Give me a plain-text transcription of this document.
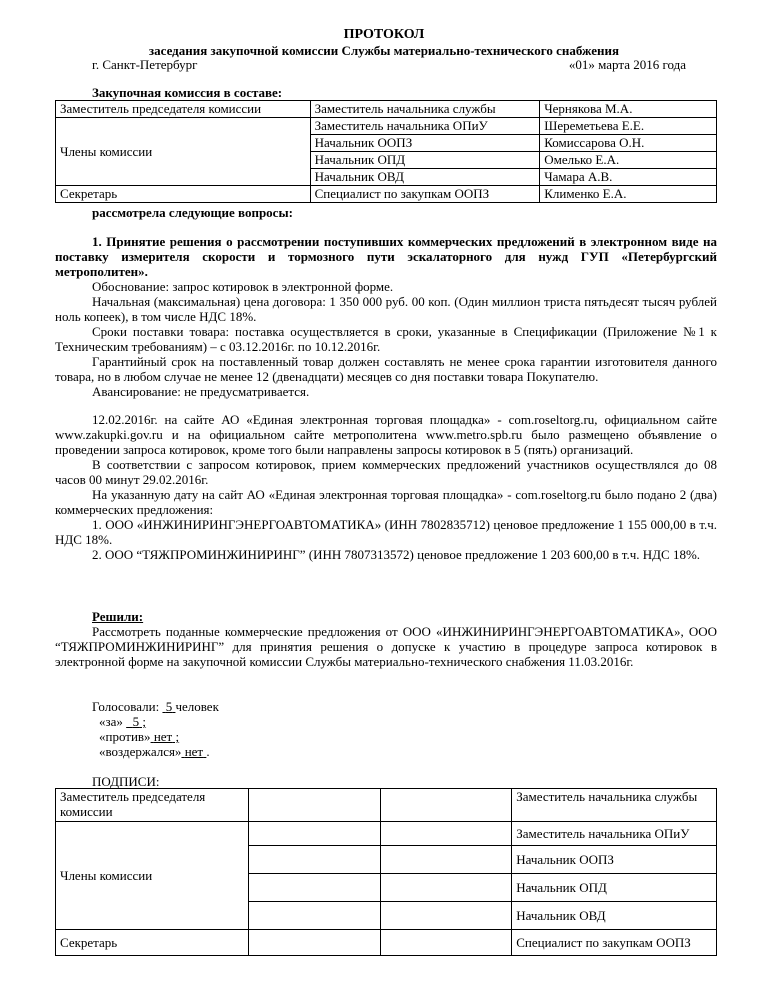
ПРОТОКОЛ
заседания закупочной комиссии Службы материально-технического снабжения
г. Санкт-Петербург	«01» марта 2016 года
Закупочная комиссия в составе:
Заместитель председателя комиссии	Заместитель начальника службы	Чернякова М.А.
Члены комиссии	Заместитель начальника ОПиУ	Шереметьева Е.Е.
	Начальник ООПЗ	Комиссарова О.Н.
	Начальник ОПД	Омелько Е.А.
	Начальник ОВД	Чамара А.В.
Секретарь	Специалист по закупкам ООПЗ	Клименко Е.А.
рассмотрела следующие вопросы:

1. Принятие решения о рассмотрении поступивших коммерческих предложений в электронном виде на поставку измерителя скорости и тормозного пути эскалаторного для нужд ГУП «Петербургский метрополитен».

Обоснование: запрос котировок в электронной форме.

Начальная (максимальная) цена договора: 1 350 000 руб. 00 коп. (Один миллион триста пятьдесят тысяч рублей ноль копеек), в том числе НДС 18%.

Сроки поставки товара: поставка осуществляется в сроки, указанные в Спецификации (Приложение №1 к Техническим требованиям) – с 03.12.2016г. по 10.12.2016г.

Гарантийный срок на поставленный товар должен составлять не менее срока гарантии изготовителя данного товара, но в любом случае не менее 12 (двенадцати) месяцев со дня поставки товара Покупателю.

Авансирование: не предусматривается.

12.02.2016г. на сайте АО «Единая электронная торговая площадка» - com.roseltorg.ru, официальном сайте www.zakupki.gov.ru и на официальном сайте метрополитена www.metro.spb.ru было размещено объявление о проведении запроса котировок, кроме того были направлены запросы котировок в 5 (пять) организаций.

В соответствии с запросом котировок, прием коммерческих предложений участников осуществлялся до 08 часов 00 минут 29.02.2016г.

На указанную дату на сайт АО «Единая электронная торговая площадка» - com.roseltorg.ru было подано 2 (два) коммерческих предложения:

1. ООО «ИНЖИНИРИНГЭНЕРГОАВТОМАТИКА» (ИНН 7802835712) ценовое предложение 1 155 000,00 в т.ч. НДС 18%.

2. ООО “ТЯЖПРОМИНЖИНИРИНГ” (ИНН 7807313572) ценовое предложение 1 203 600,00 в т.ч. НДС 18%.

Решили:
Рассмотреть поданные коммерческие предложения от ООО «ИНЖИНИРИНГЭНЕРГОАВТОМАТИКА», ООО “ТЯЖПРОМИНЖИНИРИНГ” для принятия решения о допуске к участию в процедуре запроса котировок в электронной форме на закупочной комиссии Службы материально-технического снабжения 11.03.2016г.
Голосовали: 5 человек
«за» 5 ;
«против» нет ;
«воздержался» нет .
ПОДПИСИ:
Заместитель председателя комиссии			Заместитель начальника службы
Члены комиссии			Заместитель начальника ОПиУ
			Начальник ООПЗ
			Начальник ОПД
			Начальник ОВД
Секретарь			Специалист по закупкам ООПЗ
